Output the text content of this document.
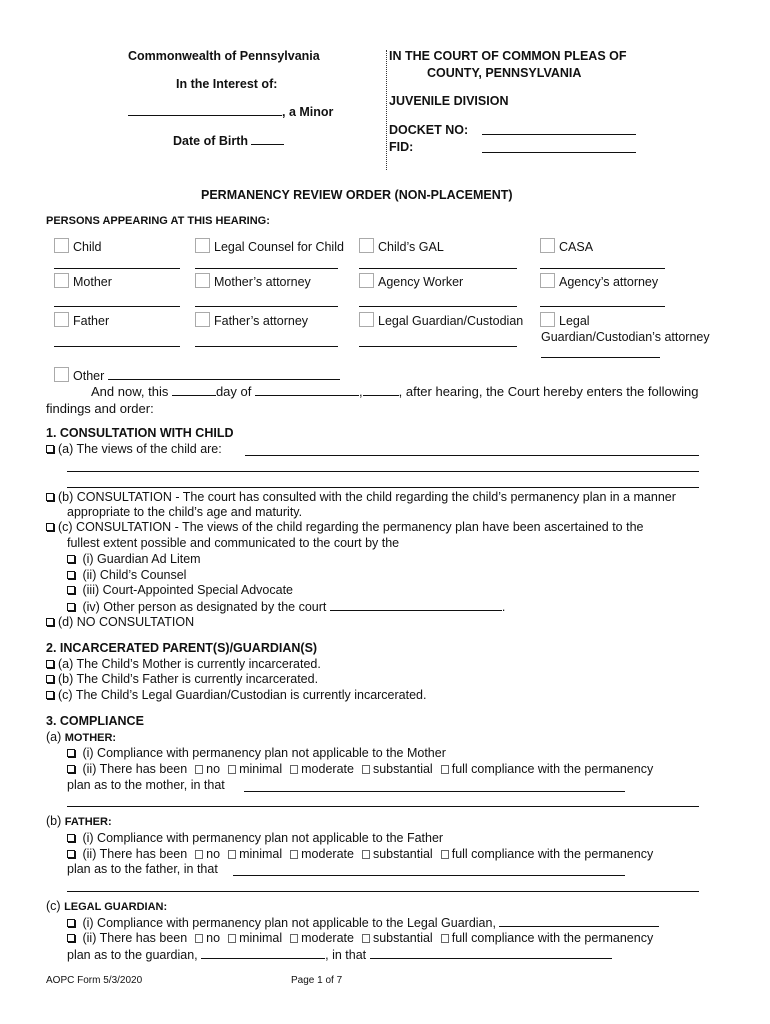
Commonwealth of Pennsylvania
In the Interest of:
, a Minor
Date of Birth
IN THE COURT OF COMMON PLEAS OF
COUNTY, PENNSYLVANIA
JUVENILE DIVISION
DOCKET NO:
FID:
PERMANENCY REVIEW ORDER (NON-PLACEMENT)
PERSONS APPEARING AT THIS HEARING:
Child	Legal Counsel for Child	Child’s GAL	CASA
Mother	Mother’s attorney	Agency Worker	Agency’s attorney
Father	Father’s attorney	Legal Guardian/Custodian	Legal
Guardian/Custodian’s attorney
Other
And now, this	day of	,	, after hearing, the Court hereby enters the following
findings and order:
1. CONSULTATION WITH CHILD
(a) The views of the child are:
(b) CONSULTATION - The court has consulted with the child regarding the child’s permanency plan in a manner
appropriate to the child’s age and maturity.
(c) CONSULTATION - The views of the child regarding the permanency plan have been ascertained to the
fullest extent possible and communicated to the court by the
(i) Guardian Ad Litem
(ii) Child’s Counsel
(iii) Court-Appointed Special Advocate
(iv) Other person as designated by the court	.
(d) NO CONSULTATION
2. INCARCERATED PARENT(S)/GUARDIAN(S)
(a) The Child’s Mother is currently incarcerated.
(b) The Child’s Father is currently incarcerated.
(c) The Child’s Legal Guardian/Custodian is currently incarcerated.
3. COMPLIANCE
(a) MOTHER:
(i) Compliance with permanency plan not applicable to the Mother
(ii) There has been no minimal moderate substantial full compliance with the permanency
plan as to the mother, in that
(b) FATHER:
(i) Compliance with permanency plan not applicable to the Father
(ii) There has been no minimal moderate substantial full compliance with the permanency
plan as to the father, in that
(c) LEGAL GUARDIAN:
(i) Compliance with permanency plan not applicable to the Legal Guardian,
(ii) There has been no minimal moderate substantial full compliance with the permanency
plan as to the guardian,	, in that
AOPC Form 5/3/2020	Page 1 of 7
